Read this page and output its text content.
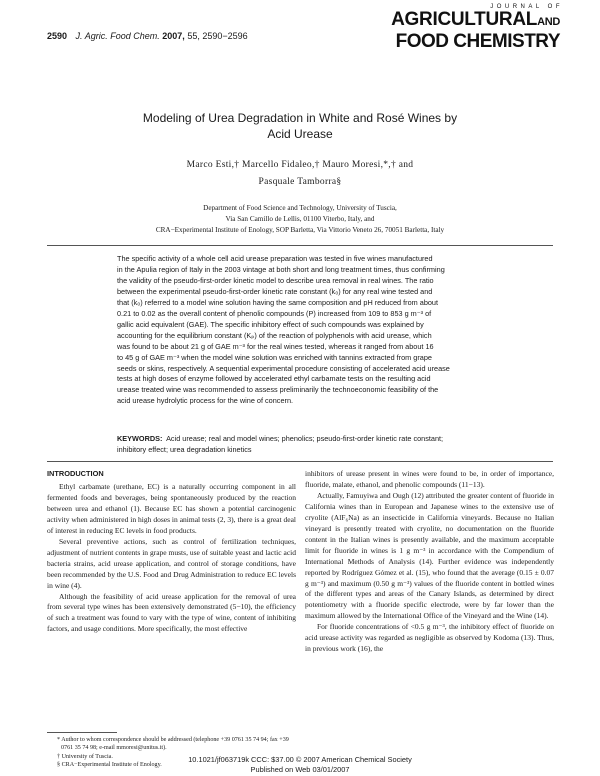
2590 J. Agric. Food Chem. 2007, 55, 2590−2596
JOURNAL OF
AGRICULTURALAND
FOOD CHEMISTRY
Modeling of Urea Degradation in White and Rosé Wines by
Acid Urease
Marco Esti,† Marcello Fidaleo,† Mauro Moresi,*,† and
Pasquale Tamborra§
Department of Food Science and Technology, University of Tuscia,
Via San Camillo de Lellis, 01100 Viterbo, Italy, and
CRA−Experimental Institute of Enology, SOP Barletta, Via Vittorio Veneto 26, 70051 Barletta, Italy
The specific activity of a whole cell acid urease preparation was tested in five wines manufactured
in the Apulia region of Italy in the 2003 vintage at both short and long treatment times, thus confirming
the validity of the pseudo-first-order kinetic model to describe urea removal in real wines. The ratio
between the experimental pseudo-first-order kinetic rate constant (k₀) for any real wine tested and
that (k₀) referred to a model wine solution having the same composition and pH reduced from about
0.21 to 0.02 as the overall content of phenolic compounds (P) increased from 109 to 853 g m⁻³ of
gallic acid equivalent (GAE). The specific inhibitory effect of such compounds was explained by
accounting for the equilibrium constant (Kₚ) of the reaction of polyphenols with acid urease, which
was found to be about 21 g of GAE m⁻³ for the real wines tested, whereas it ranged from about 16
to 45 g of GAE m⁻³ when the model wine solution was enriched with tannins extracted from grape
seeds or skins, respectively. A sequential experimental procedure consisting of accelerated acid urease
tests at high doses of enzyme followed by accelerated ethyl carbamate tests on the resulting acid
urease treated wine was recommended to assess preliminarily the technoeconomic feasibility of the
acid urease hydrolytic process for the wine of concern.
KEYWORDS: Acid urease; real and model wines; phenolics; pseudo-first-order kinetic rate constant;
inhibitory effect; urea degradation kinetics
INTRODUCTION

Ethyl carbamate (urethane, EC) is a naturally occurring component in all fermented foods and beverages, being spontaneously produced by the reaction between urea and ethanol (1). Because EC has shown a potential carcinogenic activity when administered in high doses in animal tests (2, 3), there is a great deal of interest in reducing EC levels in food products.

Several preventive actions, such as control of fertilization techniques, adjustment of nutrient contents in grape musts, use of suitable yeast and lactic acid bacteria strains, acid urease application, and control of storage conditions, have been recommended by the U.S. Food and Drug Administration to reduce EC levels in wine (4).

Although the feasibility of acid urease application for the removal of urea from several type wines has been extensively demonstrated (5−10), the efficiency of such a treatment was found to vary with the type of wine, content of inhibiting factors, and usage conditions. More specifically, the most effective

inhibitors of urease present in wines were found to be, in order of importance, fluoride, malate, ethanol, and phenolic compounds (11−13).

Actually, Famuyiwa and Ough (12) attributed the greater content of fluoride in California wines than in European and Japanese wines to the extensive use of cryolite (AlF₆Na) as an insecticide in California vineyards. Because no Italian vineyard is presently treated with cryolite, no documentation on the fluoride content in the Italian wines is presently available, and the maximum acceptable limit for fluoride in wines is 1 g m⁻³ in accordance with the Compendium of International Methods of Analysis (14). Further evidence was independently reported by Rodríguez Gómez et al. (15), who found that the average (0.15 ± 0.07 g m⁻³) and maximum (0.50 g m⁻³) values of the fluoride content in bottled wines of the different types and areas of the Canary Islands, as determined by direct potentiometry with a fluoride specific electrode, were by far lower than the maximum allowed by the International Office of the Vineyard and the Wine (14).

For fluoride concentrations of <0.5 g m⁻³, the inhibitory effect of fluoride on acid urease activity was regarded as negligible as observed by Kodoma (13). Thus, in previous work (16), the

* Author to whom correspondence should be addressed (telephone +39 0761 35 74 94; fax +39 0761 35 74 98; e-mail mmoresi@unitus.it).
† University of Tuscia.
§ CRA−Experimental Institute of Enology.
10.1021/jf063719k CCC: $37.00 © 2007 American Chemical Society
Published on Web 03/01/2007
